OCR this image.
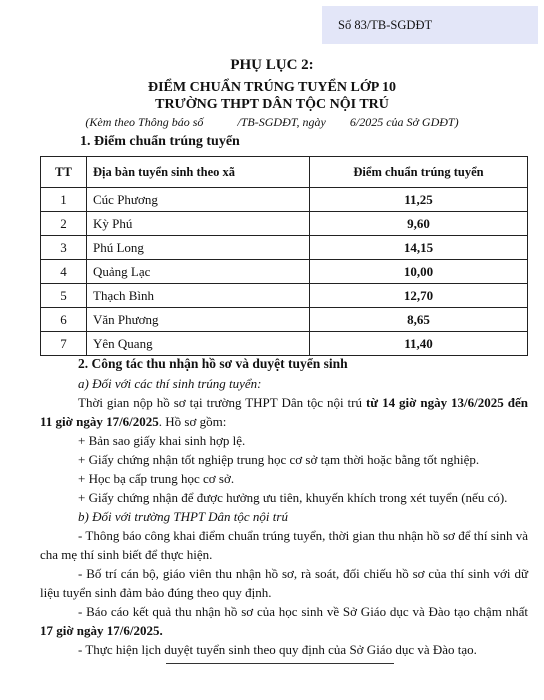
Số 83/TB-SGDĐT
PHỤ LỤC 2:
ĐIỂM CHUẨN TRÚNG TUYỂN LỚP 10
TRƯỜNG THPT DÂN TỘC NỘI TRÚ
(Kèm theo Thông báo số	/TB-SGDĐT, ngày 6/2025 của Sở GDĐT)
1. Điểm chuẩn trúng tuyển
TT	Địa bàn tuyển sinh theo xã	Điểm chuẩn trúng tuyển
1	Cúc Phương	11,25
2	Kỳ Phú	9,60
3	Phú Long	14,15
4	Quảng Lạc	10,00
5	Thạch Bình	12,70
6	Văn Phương	8,65
7	Yên Quang	11,40

2. Công tác thu nhận hồ sơ và duyệt tuyển sinh

a) Đối với các thí sinh trúng tuyển:

Thời gian nộp hồ sơ tại trường THPT Dân tộc nội trú từ 14 giờ ngày 13/6/2025 đến 11 giờ ngày 17/6/2025. Hồ sơ gồm:

+ Bản sao giấy khai sinh hợp lệ.

+ Giấy chứng nhận tốt nghiệp trung học cơ sở tạm thời hoặc bằng tốt nghiệp.

+ Học bạ cấp trung học cơ sở.

+ Giấy chứng nhận để được hưởng ưu tiên, khuyến khích trong xét tuyển (nếu có).

b) Đối với trường THPT Dân tộc nội trú

- Thông báo công khai điểm chuẩn trúng tuyển, thời gian thu nhận hồ sơ để thí sinh và cha mẹ thí sinh biết để thực hiện.

- Bố trí cán bộ, giáo viên thu nhận hồ sơ, rà soát, đối chiếu hồ sơ của thí sinh với dữ liệu tuyển sinh đảm bảo đúng theo quy định.

- Báo cáo kết quả thu nhận hồ sơ của học sinh về Sở Giáo dục và Đào tạo chậm nhất 17 giờ ngày 17/6/2025.

- Thực hiện lịch duyệt tuyển sinh theo quy định của Sở Giáo dục và Đào tạo.
